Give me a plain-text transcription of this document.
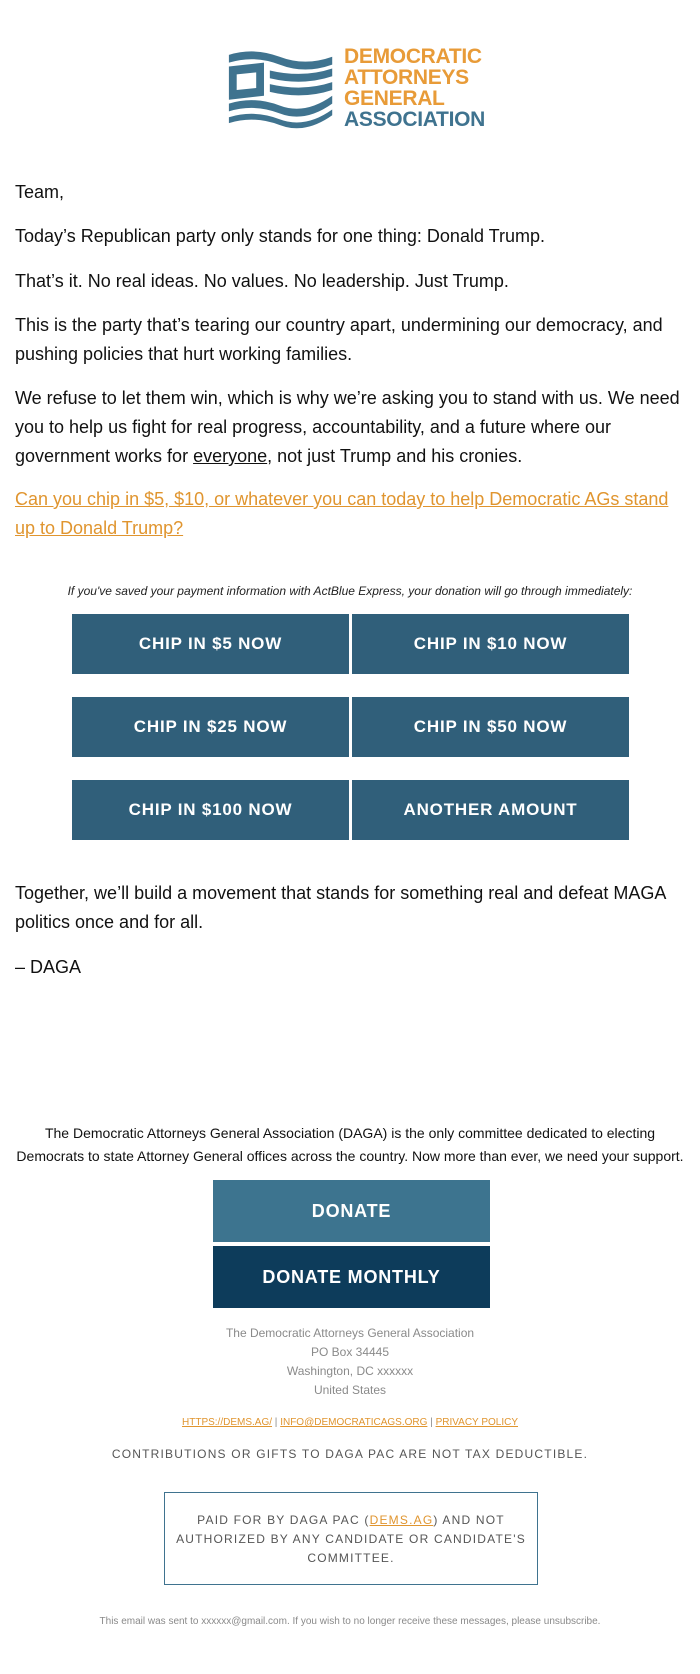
DEMOCRATIC
ATTORNEYS
GENERAL
ASSOCIATION

Team,

Today’s Republican party only stands for one thing: Donald Trump.

That’s it. No real ideas. No values. No leadership. Just Trump.

This is the party that’s tearing our country apart, undermining our democracy, and pushing policies that hurt working families.

We refuse to let them win, which is why we’re asking you to stand with us. We need you to help us fight for real progress, accountability, and a future where our government works for everyone, not just Trump and his cronies.

Can you chip in $5, $10, or whatever you can today to help Democratic AGs stand up to Donald Trump?

If you've saved your payment information with ActBlue Express, your donation will go through immediately:
CHIP IN $5 NOW	CHIP IN $10 NOW
CHIP IN $25 NOW	CHIP IN $50 NOW
CHIP IN $100 NOW	ANOTHER AMOUNT

Together, we’ll build a movement that stands for something real and defeat MAGA politics once and for all.

– DAGA

The Democratic Attorneys General Association (DAGA) is the only committee dedicated to electing Democrats to state Attorney General offices across the country. Now more than ever, we need your support.

DONATE
DONATE MONTHLY
The Democratic Attorneys General Association
PO Box 34445
Washington, DC xxxxxx
United States
HTTPS://DEMS.AG/ | INFO@DEMOCRATICAGS.ORG | PRIVACY POLICY
CONTRIBUTIONS OR GIFTS TO DAGA PAC ARE NOT TAX DEDUCTIBLE.
PAID FOR BY DAGA PAC (DEMS.AG) AND NOT AUTHORIZED BY ANY CANDIDATE OR CANDIDATE'S COMMITTEE.
This email was sent to xxxxxx@gmail.com. If you wish to no longer receive these messages, please unsubscribe.
